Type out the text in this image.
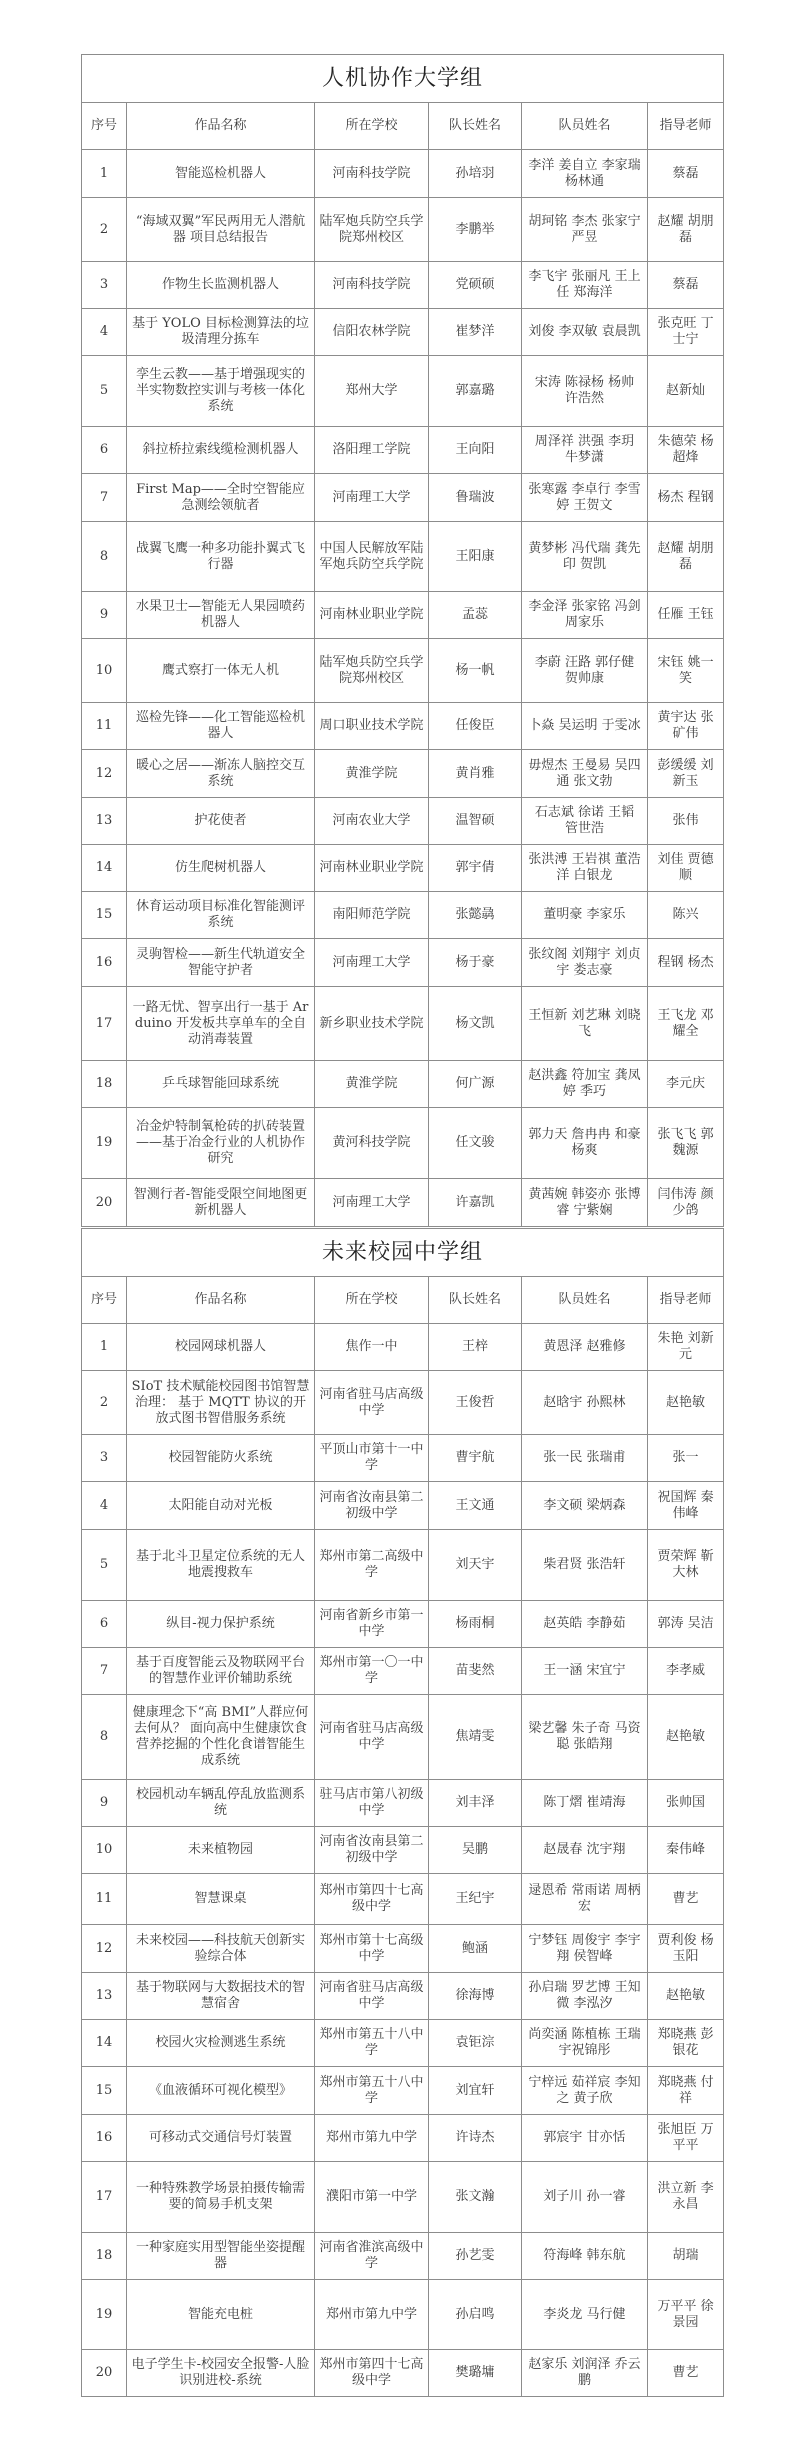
人机协作大学组					
序号	作品名称	所在学校	队长姓名	队员姓名	指导老师
1	智能巡检机器人	河南科技学院	孙培羽	李洋 姜自立 李家瑞 杨林通	蔡磊
2	“海域双翼”军民两用无人潜航器 项目总结报告	陆军炮兵防空兵学院郑州校区	李鹏举	胡珂铭 李杰 张家宁 严昱	赵耀 胡朋磊
3	作物生长监测机器人	河南科技学院	党硕硕	李飞宇 张丽凡 王上任 郑海洋	蔡磊
4	基于 YOLO 目标检测算法的垃圾清理分拣车	信阳农林学院	崔梦洋	刘俊 李双敏 袁晨凯	张克旺 丁士宁
5	孪生云教——基于增强现实的半实物数控实训与考核一体化系统	郑州大学	郭嘉璐	宋涛 陈禄杨 杨帅 许浩然	赵新灿
6	斜拉桥拉索线缆检测机器人	洛阳理工学院	王向阳	周泽祥 洪强 李玥 牛梦潇	朱德荣 杨超烽
7	First Map——全时空智能应急测绘领航者	河南理工大学	鲁瑞波	张寒露 李卓行 李雪婷 王贺文	杨杰 程钢
8	战翼飞鹰一种多功能扑翼式飞行器	中国人民解放军陆军炮兵防空兵学院	王阳康	黄梦彬 冯代瑞 龚先印 贺凯	赵耀 胡朋磊
9	水果卫士—智能无人果园喷药机器人	河南林业职业学院	孟蕊	李金泽 张家铭 冯剑 周家乐	任雁 王钰
10	鹰式察打一体无人机	陆军炮兵防空兵学院郑州校区	杨一帆	李蔚 汪路 郭仔健 贺帅康	宋钰 姚一笑
11	巡检先锋——化工智能巡检机器人	周口职业技术学院	任俊臣	卜焱 吴运明 于雯冰	黄宇达 张矿伟
12	暖心之居——渐冻人脑控交互系统	黄淮学院	黄肖雅	毋煜杰 王曼易 吴四通 张文勃	彭缓缓 刘新玉
13	护花使者	河南农业大学	温智硕	石志斌 徐诺 王韬 管世浩	张伟
14	仿生爬树机器人	河南林业职业学院	郭宇倩	张洪溥 王岩祺 董浩洋 白银龙	刘佳 贾德顺
15	休育运动项目标准化智能测评系统	南阳师范学院	张懿骉	董明豪 李家乐	陈兴
16	灵驹智检——新生代轨道安全智能守护者	河南理工大学	杨于豪	张纹阁 刘翔宇 刘贞宇 娄志豪	程钢 杨杰
17	一路无忧、智享出行一基于 Arduino 开发板共享单车的全自动消毒装置	新乡职业技术学院	杨文凯	王恒新 刘艺琳 刘晓飞	王飞龙 邓耀全
18	乒乓球智能回球系统	黄淮学院	何广源	赵洪鑫 符加宝 龚凤婷 季巧	李元庆
19	冶金炉特制氧枪砖的扒砖装置——基于冶金行业的人机协作研究	黄河科技学院	任文骏	郭力天 詹冉冉 和豪 杨爽	张飞飞 郭魏源
20	智测行者-智能受限空间地图更新机器人	河南理工大学	许嘉凯	黄茜婉 韩姿亦 张博睿 宁紫娴	闫伟涛 颜少鸽
未来校园中学组					
序号	作品名称	所在学校	队长姓名	队员姓名	指导老师
1	校园网球机器人	焦作一中	王梓	黄恩泽 赵雅修	朱艳 刘新元
2	SIoT 技术赋能校园图书馆智慧治理： 基于 MQTT 协议的开放式图书智借服务系统	河南省驻马店高级中学	王俊哲	赵晗宇 孙熙林	赵艳敏
3	校园智能防火系统	平顶山市第十一中学	曹宇航	张一民 张瑞甫	张一
4	太阳能自动对光板	河南省汝南县第二初级中学	王文通	李文硕 梁炳森	祝国辉 秦伟峰
5	基于北斗卫星定位系统的无人地震搜救车	郑州市第二高级中学	刘天宇	柴君贤 张浩轩	贾荣辉 靳大林
6	纵目-视力保护系统	河南省新乡市第一中学	杨雨桐	赵英皓 李静茹	郭涛 吴洁
7	基于百度智能云及物联网平台的智慧作业评价辅助系统	郑州市第一〇一中学	苗斐然	王一涵 宋宜宁	李孝威
8	健康理念下“高 BMI”人群应何去何从？ 面向高中生健康饮食营养挖掘的个性化食谱智能生成系统	河南省驻马店高级中学	焦靖雯	梁艺馨 朱子奇 马资聪 张皓翔	赵艳敏
9	校园机动车辆乱停乱放监测系统	驻马店市第八初级中学	刘丰泽	陈丁熠 崔靖海	张帅国
10	未来植物园	河南省汝南县第二初级中学	吴鹏	赵晟春 沈宇翔	秦伟峰
11	智慧课桌	郑州市第四十七高级中学	王纪宇	逯恩希 常雨诺 周柄宏	曹艺
12	未来校园——科技航天创新实验综合体	郑州市第十七高级中学	鲍涵	宁梦钰 周俊宇 李宇翔 侯智峰	贾利俊 杨玉阳
13	基于物联网与大数据技术的智慧宿舍	河南省驻马店高级中学	徐海博	孙启瑞 罗艺博 王知微 李泓汐	赵艳敏
14	校园火灾检测逃生系统	郑州市第五十八中学	袁钜淙	尚奕涵 陈植栋 王瑞宇祝锦彤	郑晓燕 彭银花
15	《血液循环可视化模型》	郑州市第五十八中学	刘宜轩	宁梓远 茹祥宸 李知之 黄子欣	郑晓燕 付祥
16	可移动式交通信号灯装置	郑州市第九中学	许诗杰	郭宸宇 甘亦恬	张旭臣 万平平
17	一种特殊教学场景拍摄传输需要的简易手机支架	濮阳市第一中学	张文瀚	刘子川 孙一睿	洪立新 李永昌
18	一种家庭实用型智能坐姿提醒器	河南省淮滨高级中学	孙艺雯	符海峰 韩东航	胡瑞
19	智能充电桩	郑州市第九中学	孙启鸣	李炎龙 马行健	万平平 徐景园
20	电子学生卡-校园安全报警-人脸识别进校-系统	郑州市第四十七高级中学	樊璐墉	赵家乐 刘润泽 乔云鹏	曹艺
